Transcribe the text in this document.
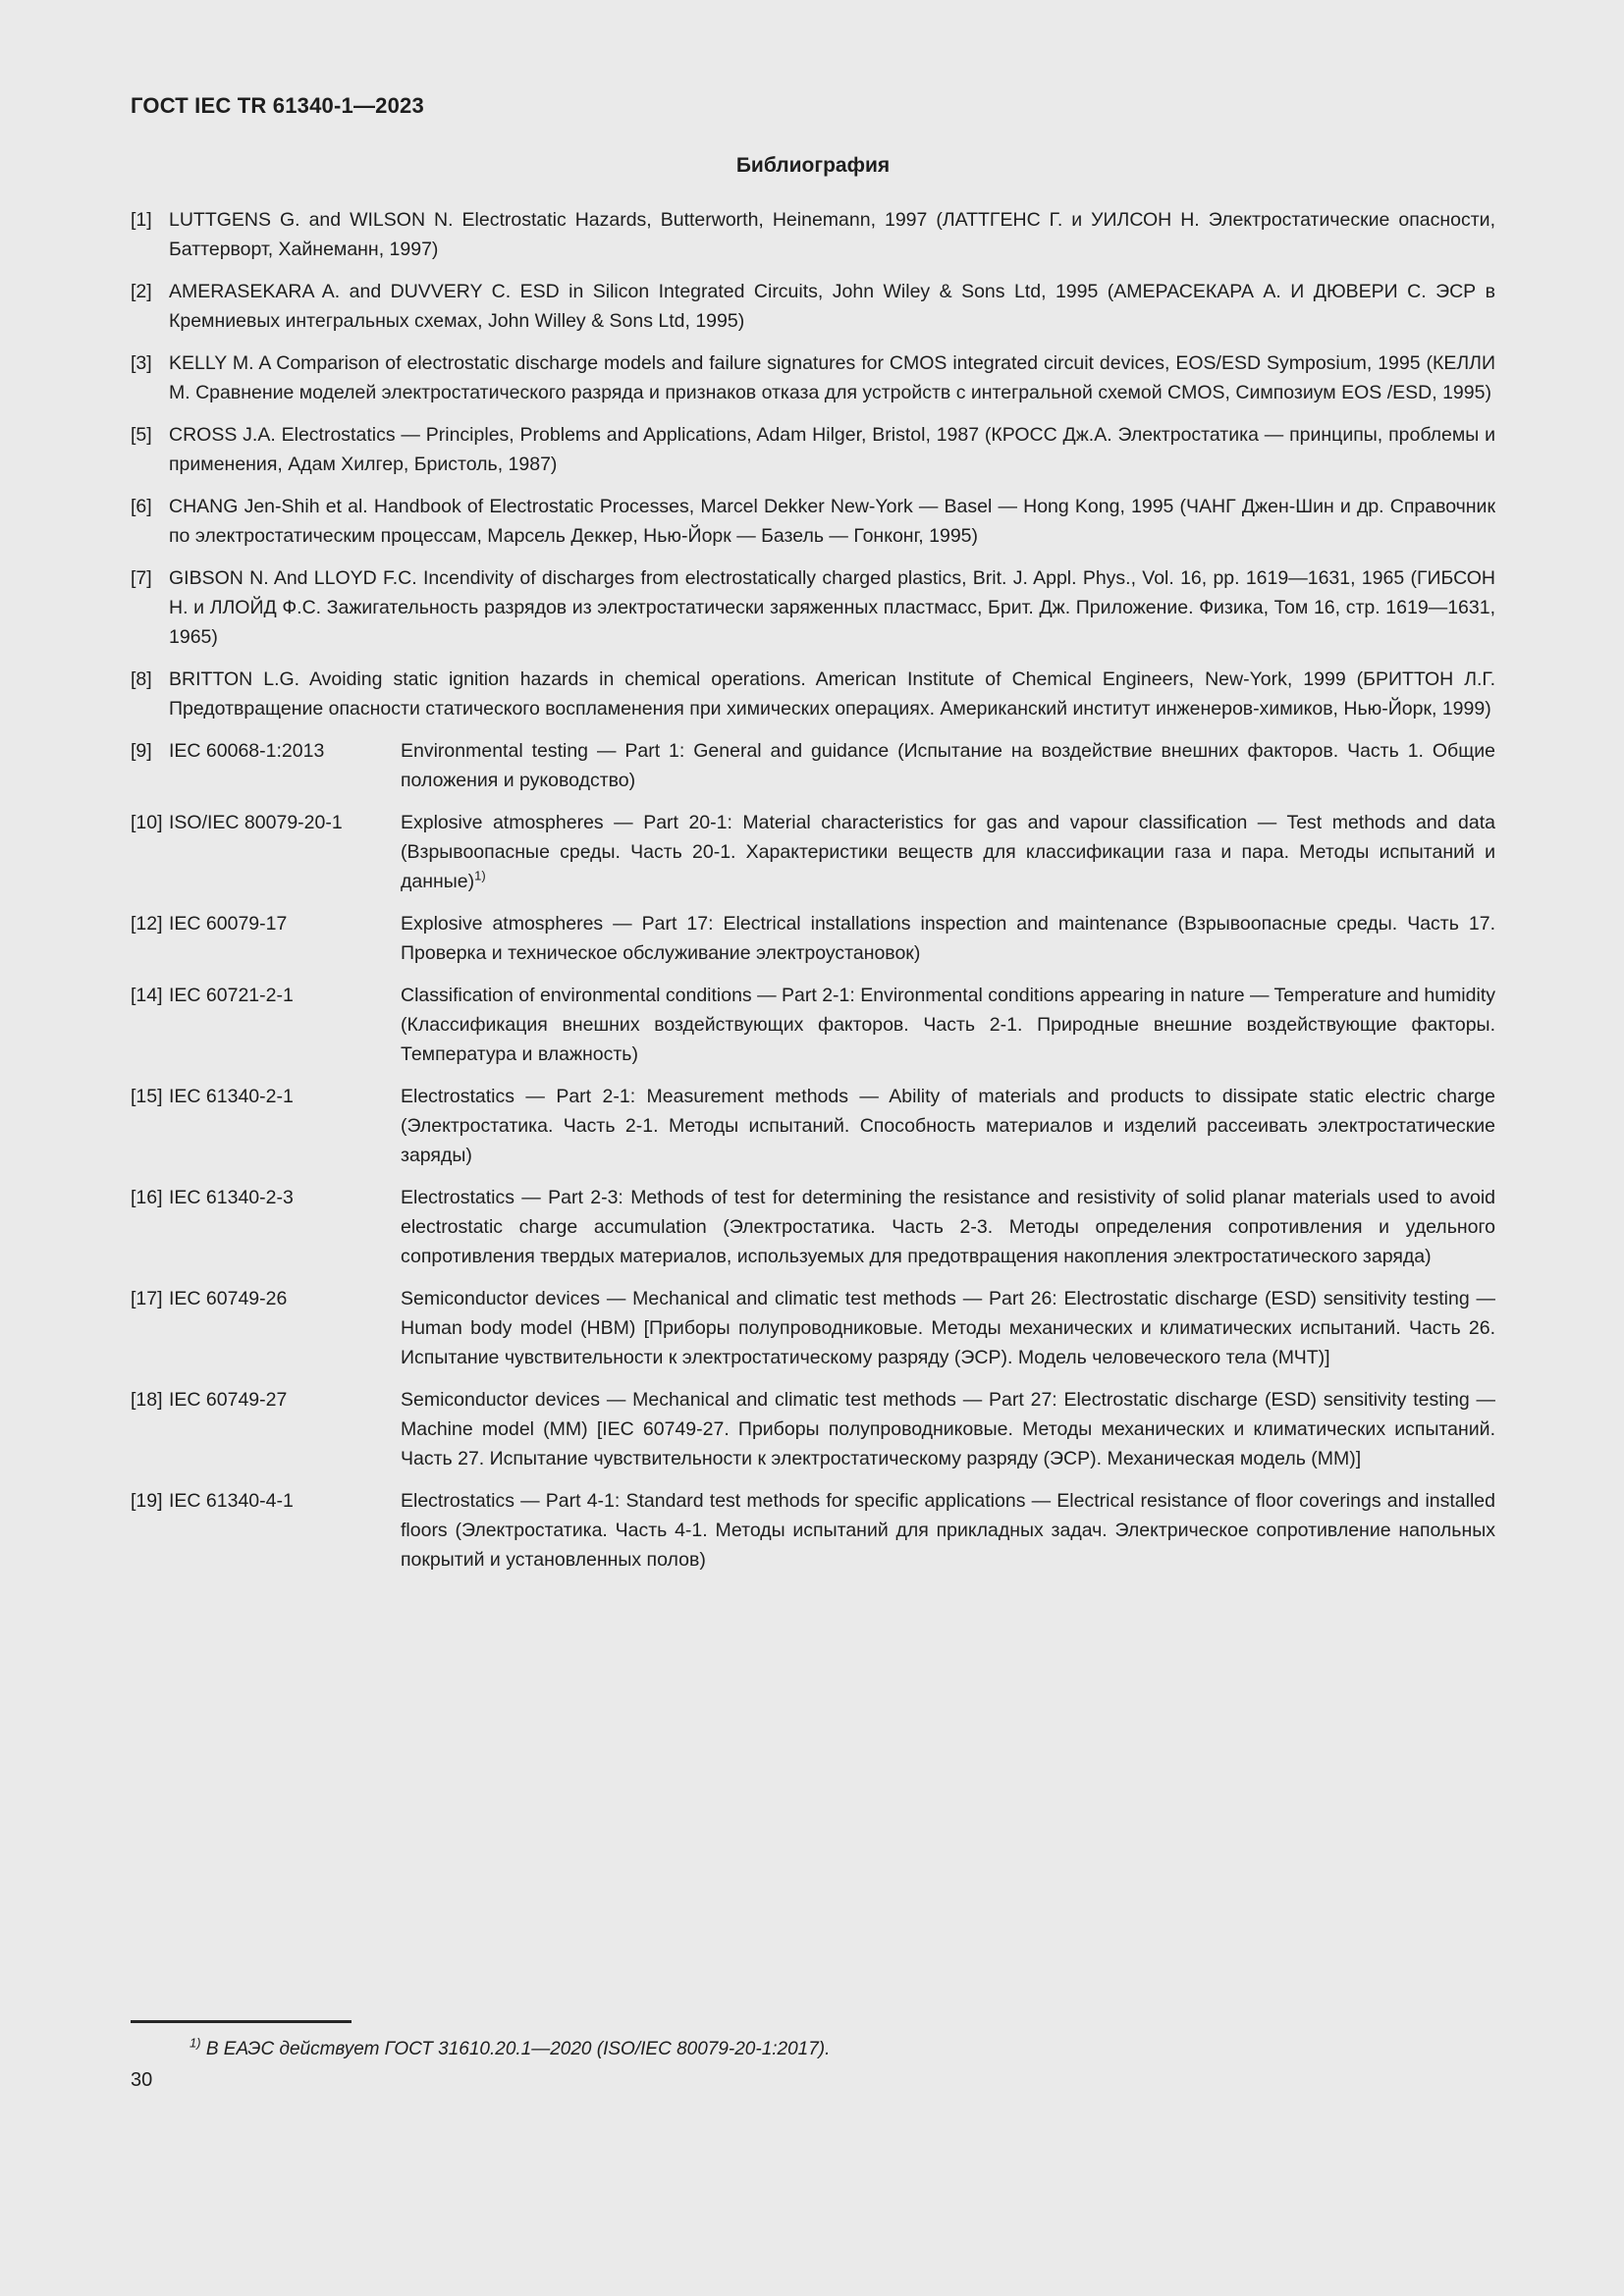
ГОСТ IEC TR 61340-1—2023
Библиография
[1] LUTTGENS G. and WILSON N. Electrostatic Hazards, Butterworth, Heinemann, 1997 (ЛАТТГЕНС Г. и УИЛСОН Н. Электростатические опасности, Баттерворт, Хайнеманн, 1997)
[2] AMERASEKARA A. and DUVVERY C. ESD in Silicon Integrated Circuits, John Wiley & Sons Ltd, 1995 (АМЕРАСЕКАРА А. И ДЮВЕРИ С. ЭСР в Кремниевых интегральных схемах, John Willey & Sons Ltd, 1995)
[3] KELLY M. A Comparison of electrostatic discharge models and failure signatures for CMOS integrated circuit devices, EOS/ESD Symposium, 1995 (КЕЛЛИ М. Сравнение моделей электростатического разряда и признаков отказа для устройств с интегральной схемой CMOS, Симпозиум EOS /ESD, 1995)
[5] CROSS J.A. Electrostatics — Principles, Problems and Applications, Adam Hilger, Bristol, 1987 (КРОСС Дж.А. Электростатика — принципы, проблемы и применения, Адам Хилгер, Бристоль, 1987)
[6] CHANG Jen-Shih et al. Handbook of Electrostatic Processes, Marcel Dekker New-York — Basel — Hong Kong, 1995 (ЧАНГ Джен-Шин и др. Справочник по электростатическим процессам, Марсель Деккер, Нью-Йорк — Базель — Гонконг, 1995)
[7] GIBSON N. And LLOYD F.C. Incendivity of discharges from electrostatically charged plastics, Brit. J. Appl. Phys., Vol. 16, pp. 1619—1631, 1965 (ГИБСОН Н. и ЛЛОЙД Ф.С. Зажигательность разрядов из электростатически заряженных пластмасс, Брит. Дж. Приложение. Физика, Том 16, стр. 1619—1631, 1965)
[8] BRITTON L.G. Avoiding static ignition hazards in chemical operations. American Institute of Chemical Engineers, New-York, 1999 (БРИТТОН Л.Г. Предотвращение опасности статического воспламенения при химических операциях. Американский институт инженеров-химиков, Нью-Йорк, 1999)
[9] IEC 60068-1:2013	Environmental testing — Part 1: General and guidance (Испытание на воздействие внешних факторов. Часть 1. Общие положения и руководство)
[10] ISO/IEC 80079-20-1	Explosive atmospheres — Part 20-1: Material characteristics for gas and vapour classification — Test methods and data (Взрывоопасные среды. Часть 20-1. Характеристики веществ для классификации газа и пара. Методы испытаний и данные)$^{1)}$
[12] IEC 60079-17	Explosive atmospheres — Part 17: Electrical installations inspection and maintenance (Взрывоопасные среды. Часть 17. Проверка и техническое обслуживание электроустановок)
[14] IEC 60721-2-1	Classification of environmental conditions — Part 2-1: Environmental conditions appearing in nature — Temperature and humidity (Классификация внешних воздействующих факторов. Часть 2-1. Природные внешние воздействующие факторы. Температура и влажность)
[15] IEC 61340-2-1	Electrostatics — Part 2-1: Measurement methods — Ability of materials and products to dissipate static electric charge (Электростатика. Часть 2-1. Методы испытаний. Способность материалов и изделий рассеивать электростатические заряды)
[16] IEC 61340-2-3	Electrostatics — Part 2-3: Methods of test for determining the resistance and resistivity of solid planar materials used to avoid electrostatic charge accumulation (Электростатика. Часть 2-3. Методы определения сопротивления и удельного сопротивления твердых материалов, используемых для предотвращения накопления электростатического заряда)
[17] IEC 60749-26	Semiconductor devices — Mechanical and climatic test methods — Part 26: Electrostatic discharge (ESD) sensitivity testing — Human body model (HBM) [Приборы полупроводниковые. Методы механических и климатических испытаний. Часть 26. Испытание чувствительности к электростатическому разряду (ЭСР). Модель человеческого тела (МЧТ)]
[18] IEC 60749-27	Semiconductor devices — Mechanical and climatic test methods — Part 27: Electrostatic discharge (ESD) sensitivity testing — Machine model (MM) [IEC 60749-27. Приборы полупроводниковые. Методы механических и климатических испытаний. Часть 27. Испытание чувствительности к электростатическому разряду (ЭСР). Механическая модель (ММ)]
[19] IEC 61340-4-1	Electrostatics — Part 4-1: Standard test methods for specific applications — Electrical resistance of floor coverings and installed floors (Электростатика. Часть 4-1. Методы испытаний для прикладных задач. Электрическое сопротивление напольных покрытий и установленных полов)
$^{1)}$ В ЕАЭС действует ГОСТ 31610.20.1—2020 (ISO/IEC 80079-20-1:2017).
30
